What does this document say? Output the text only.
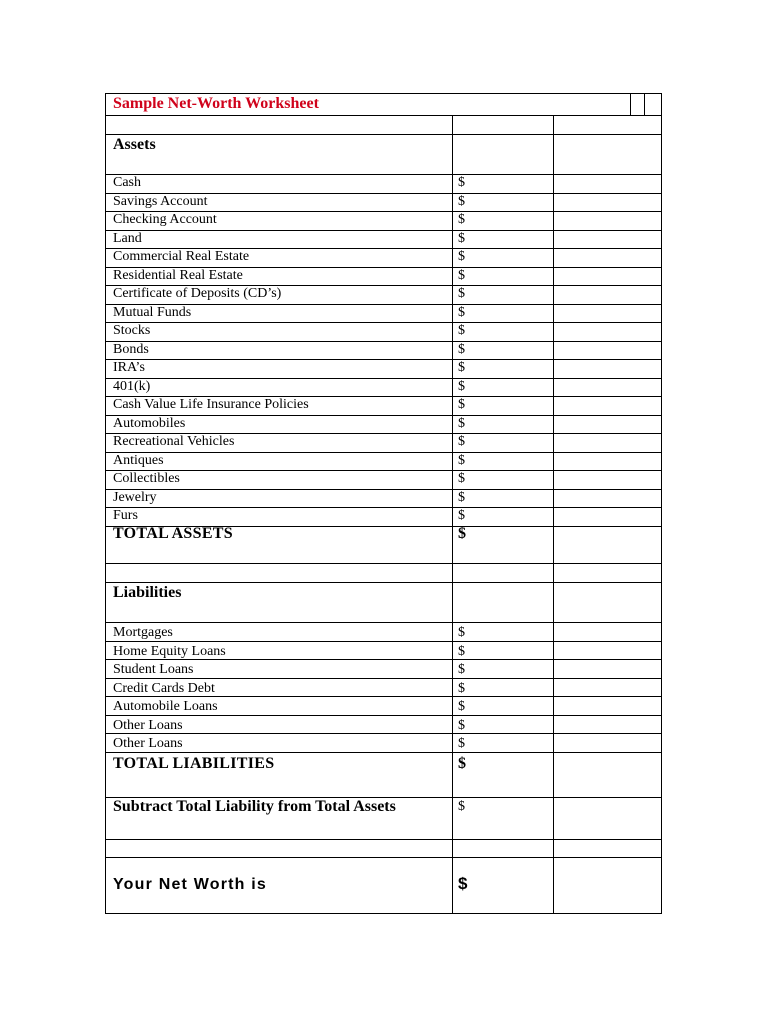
Sample Net-Worth Worksheet
Assets
Cash	$
Savings Account	$
Checking Account	$
Land	$
Commercial Real Estate	$
Residential Real Estate	$
Certificate of Deposits (CD’s)	$
Mutual Funds	$
Stocks	$
Bonds	$
IRA’s	$
401(k)	$
Cash Value Life Insurance Policies	$
Automobiles	$
Recreational Vehicles	$
Antiques	$
Collectibles	$
Jewelry	$
Furs	$
TOTAL ASSETS	$
Liabilities
Mortgages	$
Home Equity Loans	$
Student Loans	$
Credit Cards Debt	$
Automobile Loans	$
Other Loans	$
Other Loans	$
TOTAL LIABILITIES	$
Subtract Total Liability from Total Assets	$
Your Net Worth is	$
